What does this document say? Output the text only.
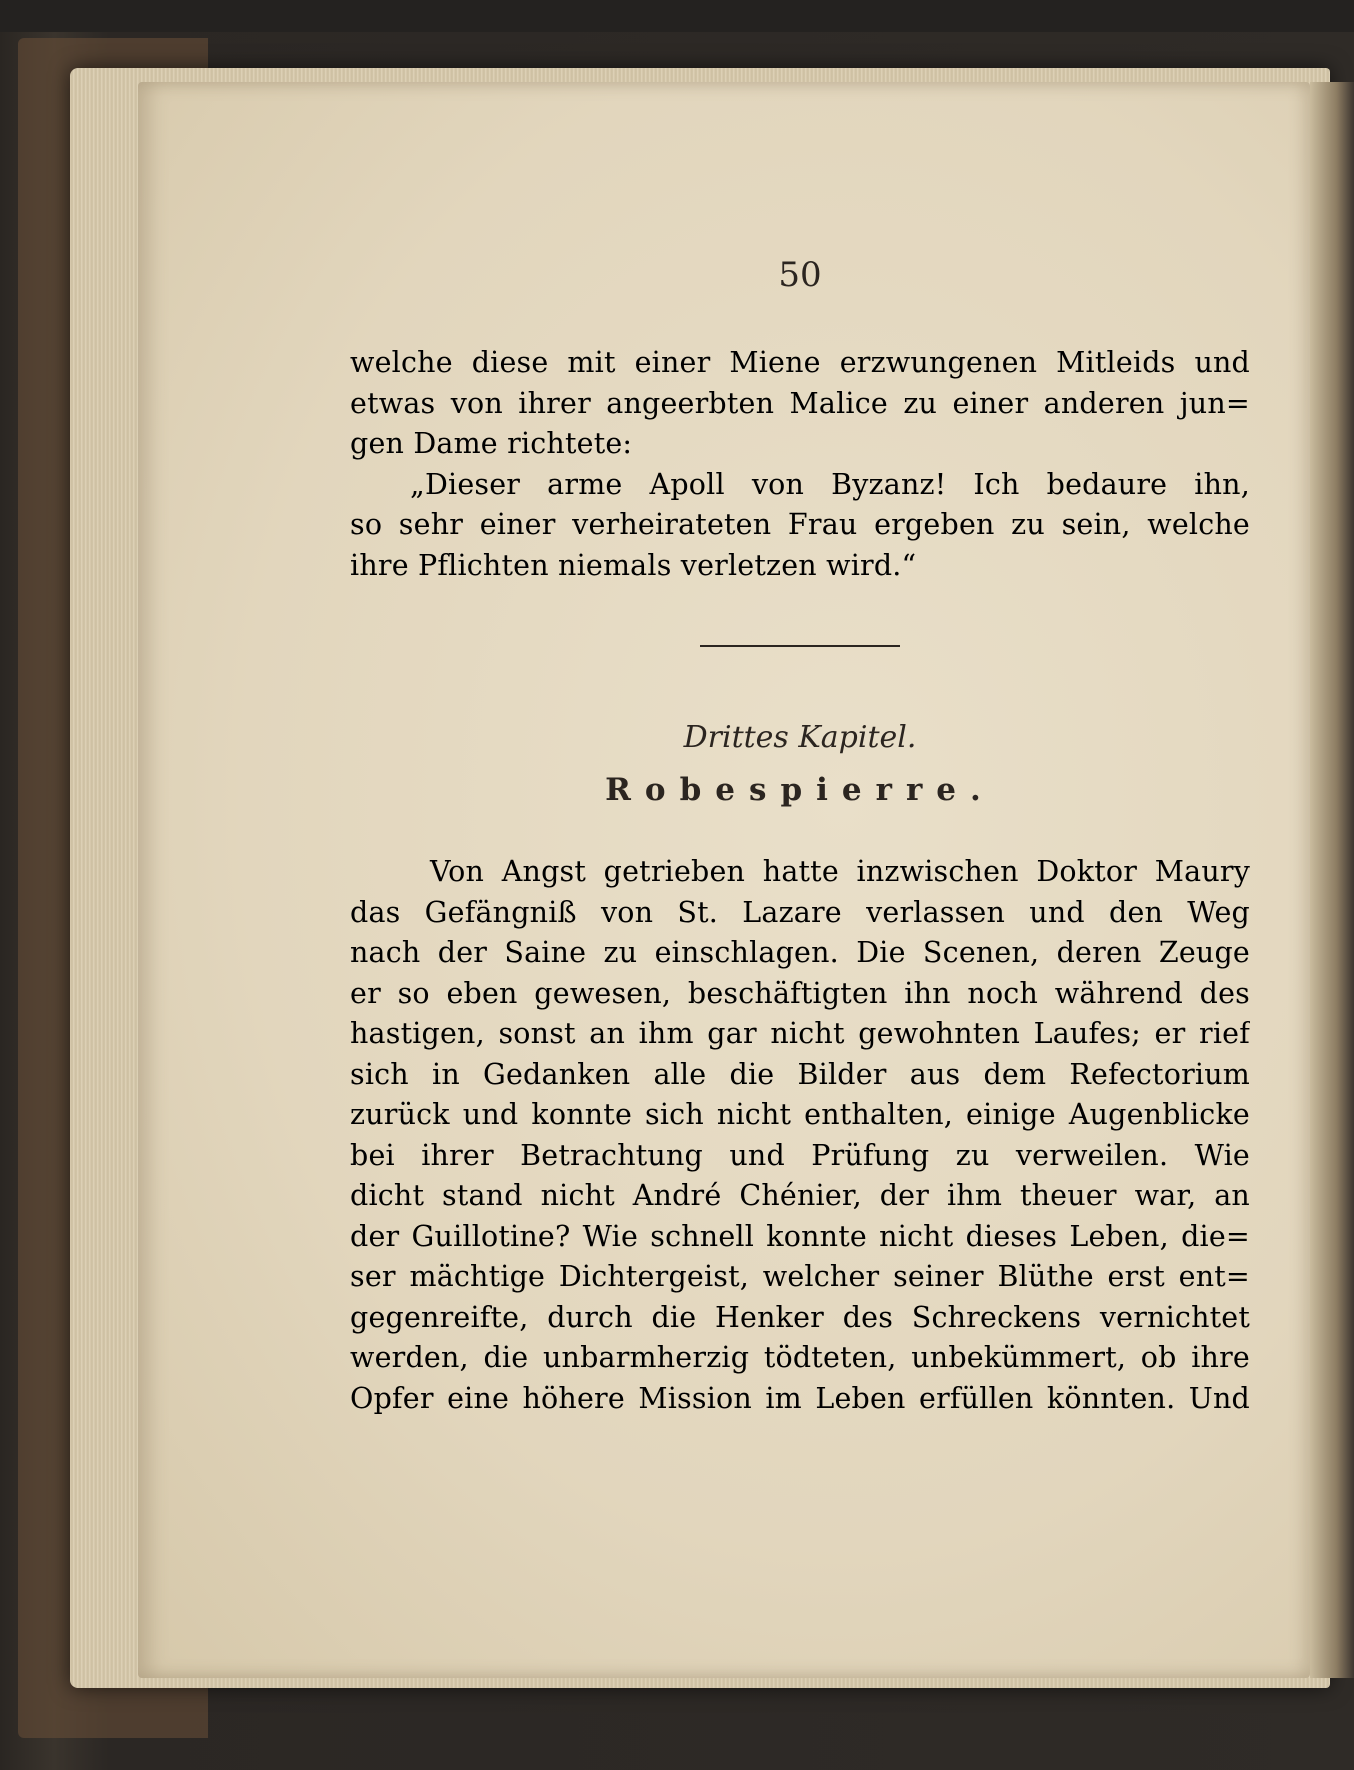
50
welche diese mit einer Miene erzwungenen Mitleids und
etwas von ihrer angeerbten Malice zu einer anderen jun=
gen Dame richtete:
„Dieser arme Apoll von Byzanz! Ich bedaure ihn,
so sehr einer verheirateten Frau ergeben zu sein, welche
ihre Pflichten niemals verletzen wird.“
Drittes Kapitel.
Robespierre.
Von Angst getrieben hatte inzwischen Doktor Maury
das Gefängniß von St. Lazare verlassen und den Weg
nach der Saine zu einschlagen. Die Scenen, deren Zeuge
er so eben gewesen, beschäftigten ihn noch während des
hastigen, sonst an ihm gar nicht gewohnten Laufes; er rief
sich in Gedanken alle die Bilder aus dem Refectorium
zurück und konnte sich nicht enthalten, einige Augenblicke
bei ihrer Betrachtung und Prüfung zu verweilen. Wie
dicht stand nicht André Chénier, der ihm theuer war, an
der Guillotine? Wie schnell konnte nicht dieses Leben, die=
ser mächtige Dichtergeist, welcher seiner Blüthe erst ent=
gegenreifte, durch die Henker des Schreckens vernichtet
werden, die unbarmherzig tödteten, unbekümmert, ob ihre
Opfer eine höhere Mission im Leben erfüllen könnten. Und
